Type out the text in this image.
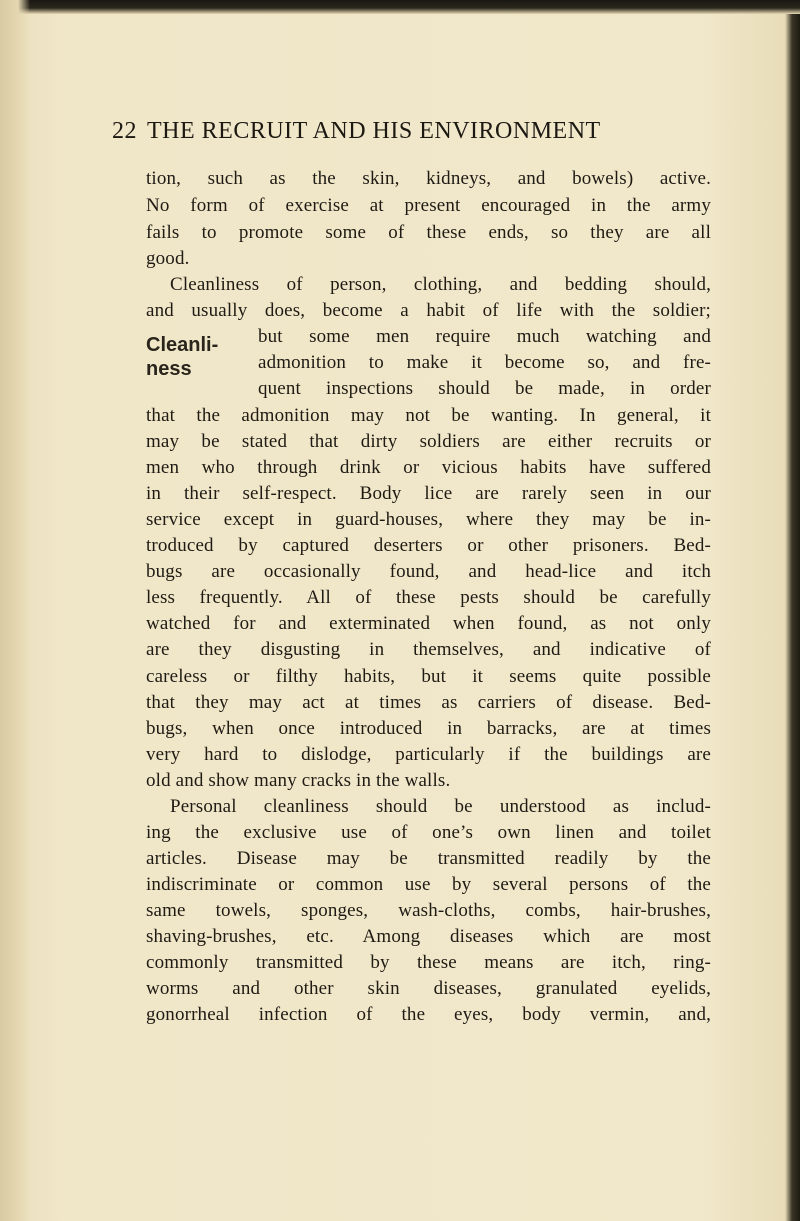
22 THE RECRUIT AND HIS ENVIRONMENT
Cleanli-
ness
tion, such as the skin, kidneys, and bowels) active.
No form of exercise at present encouraged in the army
fails to promote some of these ends, so they are all
good.
Cleanliness of person, clothing, and bedding should,
and usually does, become a habit of life with the soldier;
but some men require much watching and
admonition to make it become so, and fre-
quent inspections should be made, in order
that the admonition may not be wanting. In general, it
may be stated that dirty soldiers are either recruits or
men who through drink or vicious habits have suffered
in their self-respect. Body lice are rarely seen in our
service except in guard-houses, where they may be in-
troduced by captured deserters or other prisoners. Bed-
bugs are occasionally found, and head-lice and itch
less frequently. All of these pests should be carefully
watched for and exterminated when found, as not only
are they disgusting in themselves, and indicative of
careless or filthy habits, but it seems quite possible
that they may act at times as carriers of disease. Bed-
bugs, when once introduced in barracks, are at times
very hard to dislodge, particularly if the buildings are
old and show many cracks in the walls.
Personal cleanliness should be understood as includ-
ing the exclusive use of one’s own linen and toilet
articles. Disease may be transmitted readily by the
indiscriminate or common use by several persons of the
same towels, sponges, wash-cloths, combs, hair-brushes,
shaving-brushes, etc. Among diseases which are most
commonly transmitted by these means are itch, ring-
worms and other skin diseases, granulated eyelids,
gonorrheal infection of the eyes, body vermin, and,
